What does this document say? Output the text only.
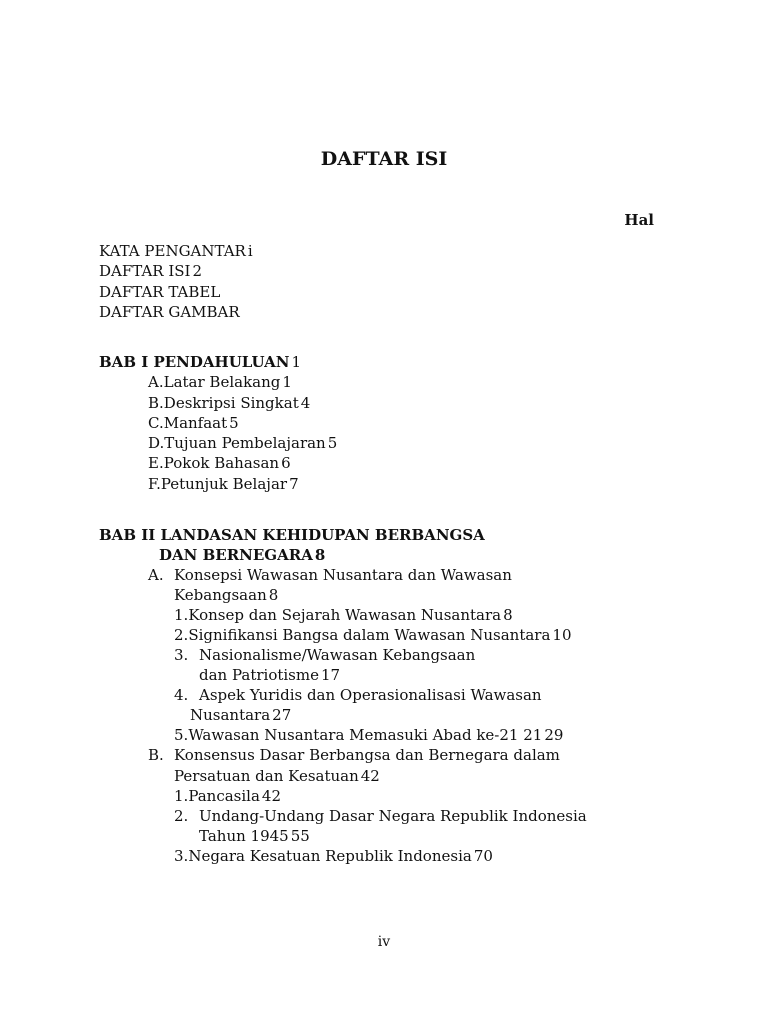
DAFTAR ISI
Hal
KATA PENGANTAR i
DAFTAR ISI 2
DAFTAR TABEL
DAFTAR GAMBAR
BAB I PENDAHULUAN 1
A. Latar Belakang 1
B. Deskripsi Singkat 4
C. Manfaat 5
D. Tujuan Pembelajaran 5
E. Pokok Bahasan 6
F. Petunjuk Belajar 7
BAB II LANDASAN KEHIDUPAN BERBANGSA
DAN BERNEGARA 8
A. Konsepsi Wawasan Nusantara dan Wawasan
Kebangsaan 8
1. Konsep dan Sejarah Wawasan Nusantara 8
2. Signifikansi Bangsa dalam Wawasan Nusantara 10
3. Nasionalisme/Wawasan Kebangsaan
dan Patriotisme 17
4. Aspek Yuridis dan Operasionalisasi Wawasan
Nusantara 27
5. Wawasan Nusantara Memasuki Abad ke-21 21 29
B. Konsensus Dasar Berbangsa dan Bernegara dalam
Persatuan dan Kesatuan 42
1. Pancasila 42
2. Undang-Undang Dasar Negara Republik Indonesia
Tahun 1945 55
3. Negara Kesatuan Republik Indonesia 70
iv
